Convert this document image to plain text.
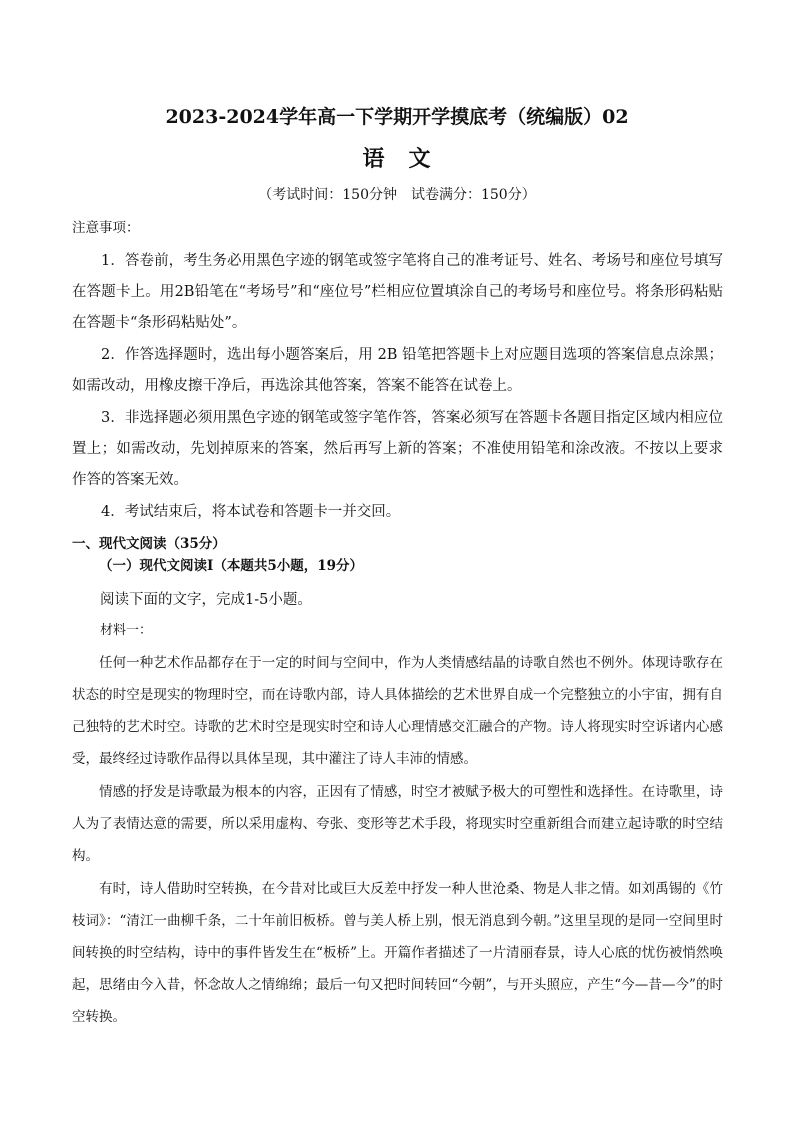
2023-2024学年高一下学期开学摸底考（统编版）02
语　文
（考试时间：150分钟　试卷满分：150分）
注意事项：

1．答卷前，考生务必用黑色字迹的钢笔或签字笔将自己的准考证号、姓名、考场号和座位号填写在答题卡上。用2B铅笔在“考场号”和“座位号”栏相应位置填涂自己的考场号和座位号。将条形码粘贴在答题卡“条形码粘贴处”。

2．作答选择题时，选出每小题答案后，用 2B 铅笔把答题卡上对应题目选项的答案信息点涂黑；如需改动，用橡皮擦干净后，再选涂其他答案，答案不能答在试卷上。

3．非选择题必须用黑色字迹的钢笔或签字笔作答，答案必须写在答题卡各题目指定区域内相应位置上；如需改动，先划掉原来的答案，然后再写上新的答案；不准使用铅笔和涂改液。不按以上要求作答的答案无效。

4．考试结束后，将本试卷和答题卡一并交回。

一、现代文阅读（35分）
（一）现代文阅读Ⅰ（本题共5小题，19分）
阅读下面的文字，完成1-5小题。
材料一：

任何一种艺术作品都存在于一定的时间与空间中，作为人类情感结晶的诗歌自然也不例外。体现诗歌存在状态的时空是现实的物理时空，而在诗歌内部，诗人具体描绘的艺术世界自成一个完整独立的小宇宙，拥有自己独特的艺术时空。诗歌的艺术时空是现实时空和诗人心理情感交汇融合的产物。诗人将现实时空诉诸内心感受，最终经过诗歌作品得以具体呈现，其中灌注了诗人丰沛的情感。

情感的抒发是诗歌最为根本的内容，正因有了情感，时空才被赋予极大的可塑性和选择性。在诗歌里，诗人为了表情达意的需要，所以采用虚构、夸张、变形等艺术手段，将现实时空重新组合而建立起诗歌的时空结构。

有时，诗人借助时空转换，在今昔对比或巨大反差中抒发一种人世沧桑、物是人非之情。如刘禹锡的《竹枝词》：“清江一曲柳千条，二十年前旧板桥。曾与美人桥上别，恨无消息到今朝。”这里呈现的是同一空间里时间转换的时空结构，诗中的事件皆发生在“板桥”上。开篇作者描述了一片清丽春景，诗人心底的忧伤被悄然唤起，思绪由今入昔，怀念故人之情绵绵；最后一句又把时间转回“今朝”，与开头照应，产生“今—昔—今”的时空转换。
